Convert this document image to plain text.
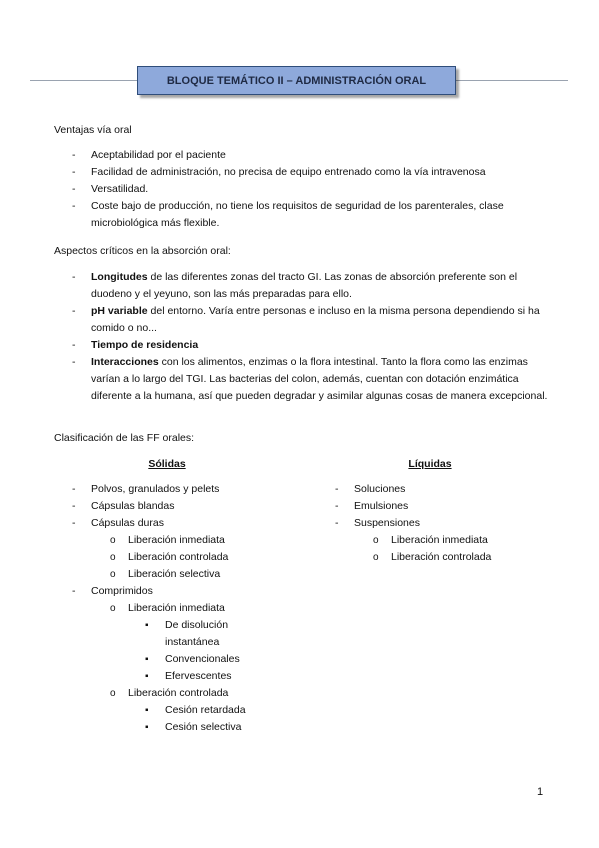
BLOQUE TEMÁTICO II – ADMINISTRACIÓN ORAL

Ventajas vía oral

- Aceptabilidad por el paciente
- Facilidad de administración, no precisa de equipo entrenado como la vía intravenosa
- Versatilidad.
- Coste bajo de producción, no tiene los requisitos de seguridad de los parenterales, clase microbiológica más flexible.

Aspectos críticos en la absorción oral:

- Longitudes de las diferentes zonas del tracto GI. Las zonas de absorción preferente son el duodeno y el yeyuno, son las más preparadas para ello.
- pH variable del entorno. Varía entre personas e incluso en la misma persona dependiendo si ha comido o no...
- Tiempo de residencia
- Interacciones con los alimentos, enzimas o la flora intestinal. Tanto la flora como las enzimas varían a lo largo del TGI. Las bacterias del colon, además, cuentan con dotación enzimática diferente a la humana, así que pueden degradar y asimilar algunas cosas de manera excepcional.

Clasificación de las FF orales:

Sólidas
- Polvos, granulados y pelets
- Cápsulas blandas
- Cápsulas duras
o Liberación inmediata
o Liberación controlada
o Liberación selectiva
- Comprimidos
o Liberación inmediata
▪ De disolución instantánea
▪ Convencionales
▪ Efervescentes
o Liberación controlada
▪ Cesión retardada
▪ Cesión selectiva
Líquidas
- Soluciones
- Emulsiones
- Suspensiones
o Liberación inmediata
o Liberación controlada
1
